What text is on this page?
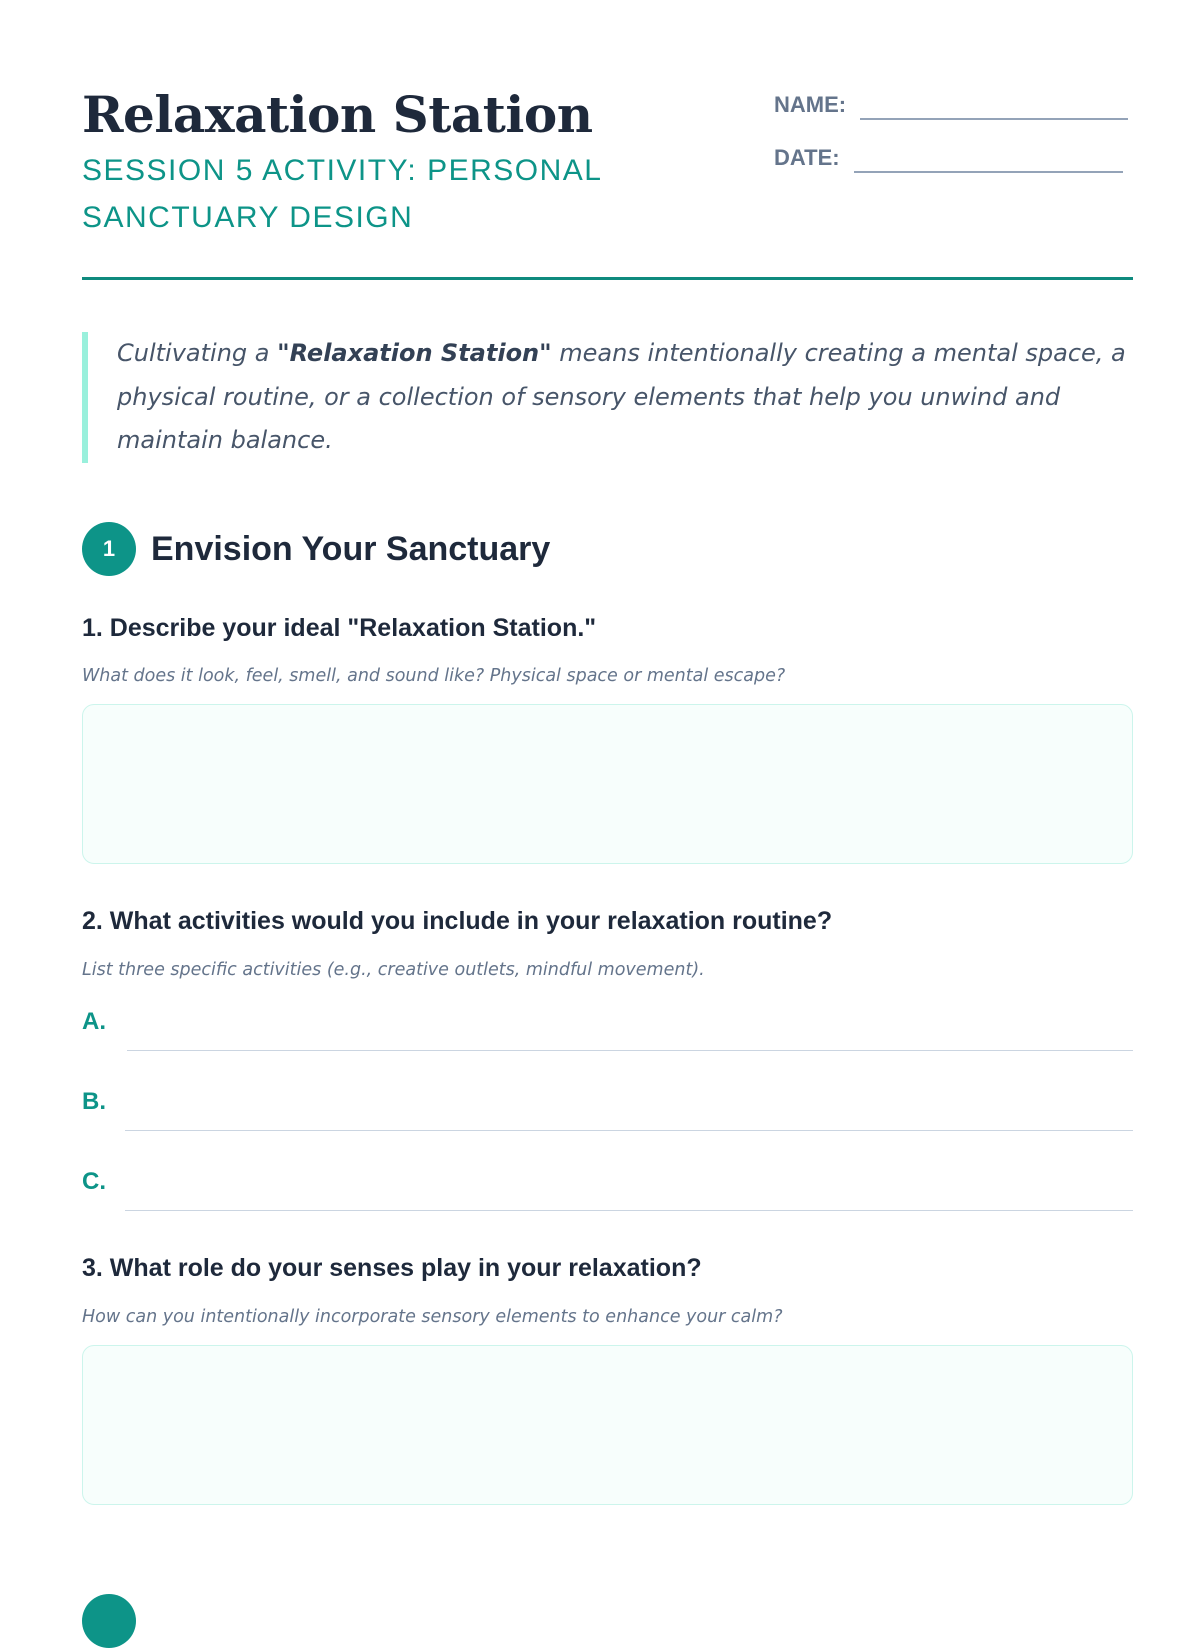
Relaxation Station

SESSION 5 ACTIVITY: PERSONAL SANCTUARY DESIGN

NAME:
DATE:
Cultivating a "Relaxation Station" means intentionally creating a mental space, a physical routine, or a collection of sensory elements that help you unwind and maintain balance.
1	Envision Your Sanctuary

1. Describe your ideal "Relaxation Station."

What does it look, feel, smell, and sound like? Physical space or mental escape?

2. What activities would you include in your relaxation routine?

List three specific activities (e.g., creative outlets, mindful movement).

A.
B.
C.

3. What role do your senses play in your relaxation?

How can you intentionally incorporate sensory elements to enhance your calm?
